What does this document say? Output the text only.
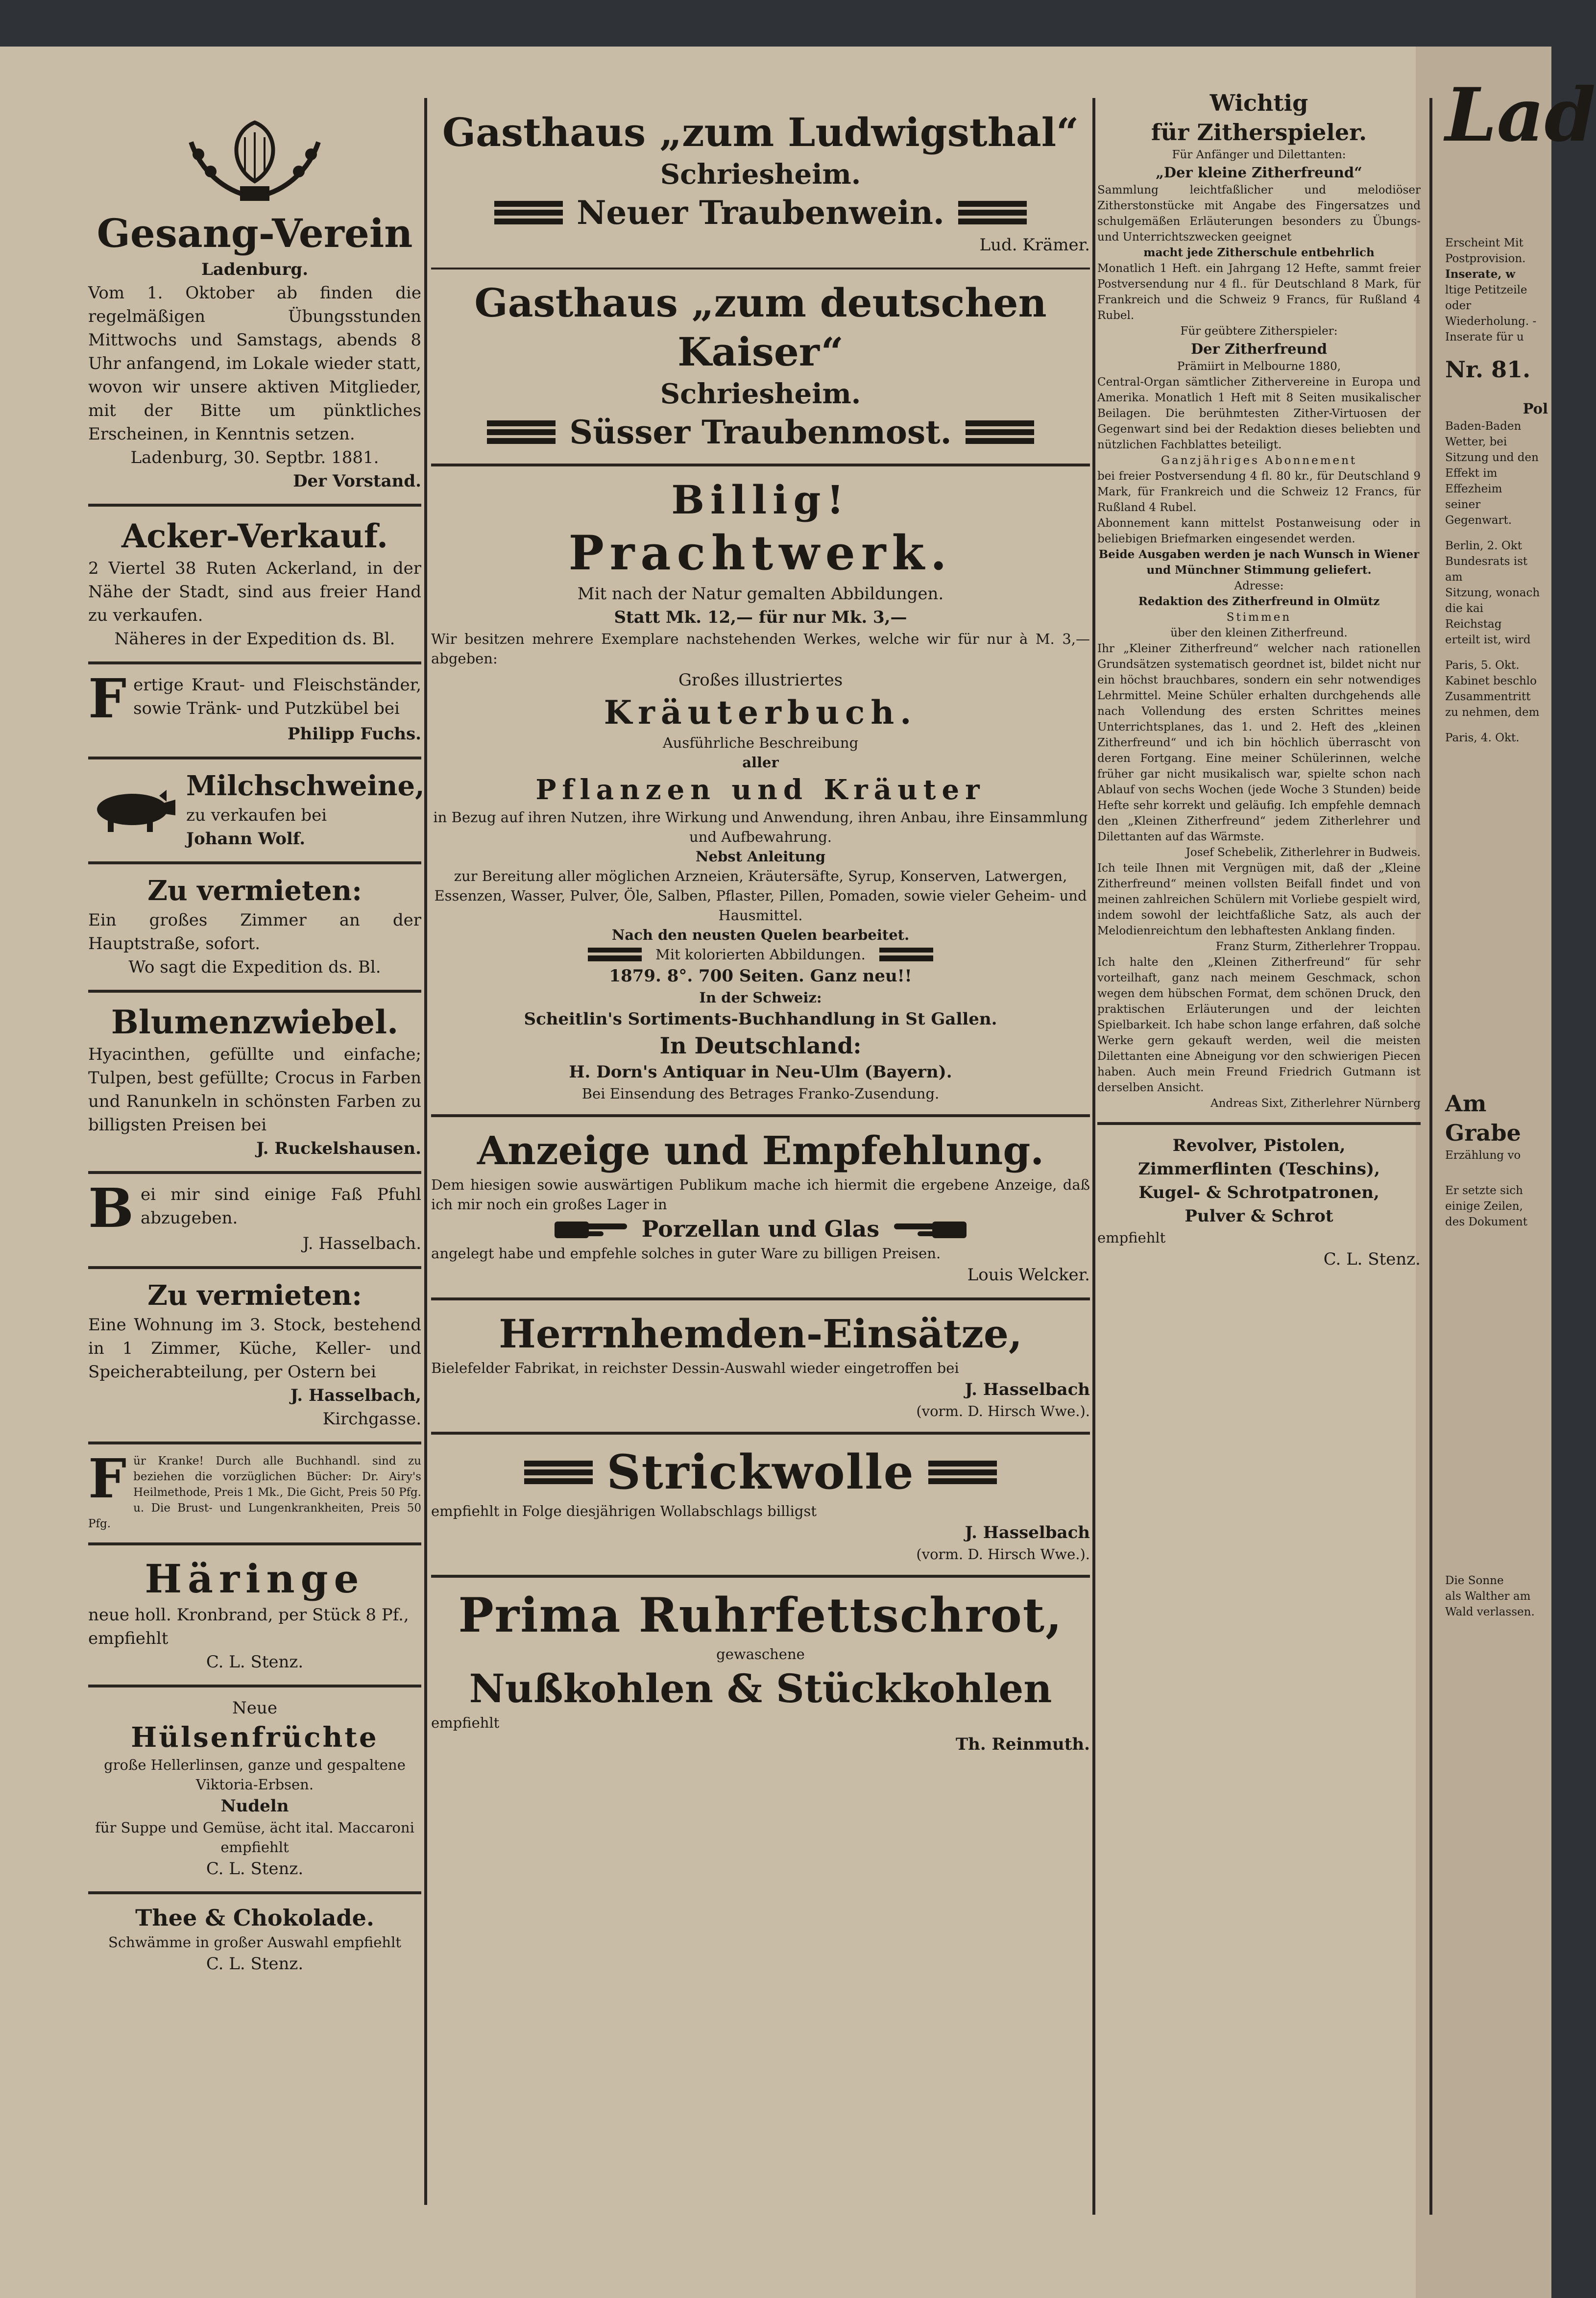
Gesang-Verein

Ladenburg.

Vom 1. Oktober ab finden die regelmäßigen Übungsstunden Mittwochs und Samstags, abends 8 Uhr anfangend, im Lokale wieder statt, wovon wir unsere aktiven Mitglieder, mit der Bitte um pünktliches Erscheinen, in Kenntnis setzen.

Ladenburg, 30. Septbr. 1881.

Der Vorstand.

Acker-Verkauf.

2 Viertel 38 Ruten Ackerland, in der Nähe der Stadt, sind aus freier Hand zu verkaufen.

Näheres in der Expedition ds. Bl.

F ertige Kraut- und Fleischständer, sowie Tränk- und Putzkübel bei

Philipp Fuchs.

Milchschweine,

zu verkaufen bei

Johann Wolf.

Zu vermieten:

Ein großes Zimmer an der Hauptstraße, sofort.

Wo sagt die Expedition ds. Bl.

Blumenzwiebel.

Hyacinthen, gefüllte und einfache; Tulpen, best gefüllte; Crocus in Farben und Ranunkeln in schönsten Farben zu billigsten Preisen bei

J. Ruckelshausen.

B ei mir sind einige Faß Pfuhl abzugeben.

J. Hasselbach.

Zu vermieten:

Eine Wohnung im 3. Stock, bestehend in 1 Zimmer, Küche, Keller- und Speicherabteilung, per Ostern bei

J. Hasselbach,

Kirchgasse.

F ür Kranke! Durch alle Buchhandl. sind zu beziehen die vorzüglichen Bücher: Dr. Airy's Heilmethode, Preis 1 Mk., Die Gicht, Preis 50 Pfg. u. Die Brust- und Lungenkrankheiten, Preis 50 Pfg.

Häringe

neue holl. Kronbrand, per Stück 8 Pf., empfiehlt

C. L. Stenz.

Neue

Hülsenfrüchte

große Hellerlinsen, ganze und gespaltene Viktoria-Erbsen.

Nudeln

für Suppe und Gemüse, ächt ital. Maccaroni empfiehlt

C. L. Stenz.

Thee & Chokolade.

Schwämme in großer Auswahl empfiehlt

C. L. Stenz.

Gasthaus „zum Ludwigsthal“

Schriesheim.

Neuer Traubenwein.

Lud. Krämer.

Gasthaus „zum deutschen Kaiser“

Schriesheim.

Süsser Traubenmost.

Billig!

Prachtwerk.

Mit nach der Natur gemalten Abbildungen.

Statt Mk. 12,— für nur Mk. 3,—

Wir besitzen mehrere Exemplare nachstehenden Werkes, welche wir für nur à M. 3,— abgeben:

Großes illustriertes

Kräuterbuch.

Ausführliche Beschreibung

aller

Pflanzen und Kräuter

in Bezug auf ihren Nutzen, ihre Wirkung und Anwendung, ihren Anbau, ihre Einsammlung und Aufbewahrung.

Nebst Anleitung

zur Bereitung aller möglichen Arzneien, Kräutersäfte, Syrup, Konserven, Latwergen, Essenzen, Wasser, Pulver, Öle, Salben, Pflaster, Pillen, Pomaden, sowie vieler Geheim- und Hausmittel.

Nach den neusten Quelen bearbeitet.

Mit kolorierten Abbildungen.

1879. 8°. 700 Seiten. Ganz neu!!

In der Schweiz:

Scheitlin's Sortiments-Buchhandlung in St Gallen.

In Deutschland:

H. Dorn's Antiquar in Neu-Ulm (Bayern).

Bei Einsendung des Betrages Franko-Zusendung.

Anzeige und Empfehlung.

Dem hiesigen sowie auswärtigen Publikum mache ich hiermit die ergebene Anzeige, daß ich mir noch ein großes Lager in

Porzellan und Glas

angelegt habe und empfehle solches in guter Ware zu billigen Preisen.

Louis Welcker.

Herrnhemden-Einsätze,

Bielefelder Fabrikat, in reichster Dessin-Auswahl wieder eingetroffen bei

J. Hasselbach

(vorm. D. Hirsch Wwe.).

Strickwolle

empfiehlt in Folge diesjährigen Wollabschlags billigst

J. Hasselbach

(vorm. D. Hirsch Wwe.).

Prima Ruhrfettschrot,

gewaschene

Nußkohlen & Stückkohlen

empfiehlt

Th. Reinmuth.

Wichtig

für Zitherspieler.

Für Anfänger und Dilettanten:

„Der kleine Zitherfreund“

Sammlung leichtfaßlicher und melodiöser Zitherstonstücke mit Angabe des Fingersatzes und schulgemäßen Erläuterungen besonders zu Übungs- und Unterrichtszwecken geeignet

macht jede Zitherschule entbehrlich

Monatlich 1 Heft. ein Jahrgang 12 Hefte, sammt freier Postversendung nur 4 fl.. für Deutschland 8 Mark, für Frankreich und die Schweiz 9 Francs, für Rußland 4 Rubel.

Für geübtere Zitherspieler:

Der Zitherfreund

Prämiirt in Melbourne 1880,

Central-Organ sämtlicher Zithervereine in Europa und Amerika. Monatlich 1 Heft mit 8 Seiten musikalischer Beilagen. Die berühmtesten Zither-Virtuosen der Gegenwart sind bei der Redaktion dieses beliebten und nützlichen Fachblattes beteiligt.

Ganzjähriges Abonnement

bei freier Postversendung 4 fl. 80 kr., für Deutschland 9 Mark, für Frankreich und die Schweiz 12 Francs, für Rußland 4 Rubel.

Abonnement kann mittelst Postanweisung oder in beliebigen Briefmarken eingesendet werden.

Beide Ausgaben werden je nach Wunsch in Wiener und Münchner Stimmung geliefert.

Adresse:

Redaktion des Zitherfreund in Olmütz

Stimmen

über den kleinen Zitherfreund.

Ihr „Kleiner Zitherfreund“ welcher nach rationellen Grundsätzen systematisch geordnet ist, bildet nicht nur ein höchst brauchbares, sondern ein sehr notwendiges Lehrmittel. Meine Schüler erhalten durchgehends alle nach Vollendung des ersten Schrittes meines Unterrichtsplanes, das 1. und 2. Heft des „kleinen Zitherfreund“ und ich bin höchlich überrascht von deren Fortgang. Eine meiner Schülerinnen, welche früher gar nicht musikalisch war, spielte schon nach Ablauf von sechs Wochen (jede Woche 3 Stunden) beide Hefte sehr korrekt und geläufig. Ich empfehle demnach den „Kleinen Zitherfreund“ jedem Zitherlehrer und Dilettanten auf das Wärmste.

Josef Schebelik, Zitherlehrer in Budweis.

Ich teile Ihnen mit Vergnügen mit, daß der „Kleine Zitherfreund“ meinen vollsten Beifall findet und von meinen zahlreichen Schülern mit Vorliebe gespielt wird, indem sowohl der leichtfaßliche Satz, als auch der Melodienreichtum den lebhaftesten Anklang finden.

Franz Sturm, Zitherlehrer Troppau.

Ich halte den „Kleinen Zitherfreund“ für sehr vorteilhaft, ganz nach meinem Geschmack, schon wegen dem hübschen Format, dem schönen Druck, den praktischen Erläuterungen und der leichten Spielbarkeit. Ich habe schon lange erfahren, daß solche Werke gern gekauft werden, weil die meisten Dilettanten eine Abneigung vor den schwierigen Piecen haben. Auch mein Freund Friedrich Gutmann ist derselben Ansicht.

Andreas Sixt, Zitherlehrer Nürnberg

Revolver, Pistolen,

Zimmerflinten (Teschins),

Kugel- & Schrotpatronen,

Pulver & Schrot

empfiehlt

C. L. Stenz.

Lad

Erscheint Mit

Postprovision.

Inserate, w

ltige Petitzeile oder

Wiederholung. -

Inserate für u

Nr. 81.

Pol

Baden-Baden

Wetter, bei

Sitzung und den

Effekt im Effezheim

seiner Gegenwart.

Berlin, 2. Okt

Bundesrats ist am

Sitzung, wonach die kai

Reichstag

erteilt ist, wird

Paris, 5. Okt.

Kabinet beschlo

Zusammentritt

zu nehmen, dem

Paris, 4. Okt.

Am Grabe

Erzählung vo

Er setzte sich

einige Zeilen,

des Dokument

Die Sonne

als Walther am

Wald verlassen.
